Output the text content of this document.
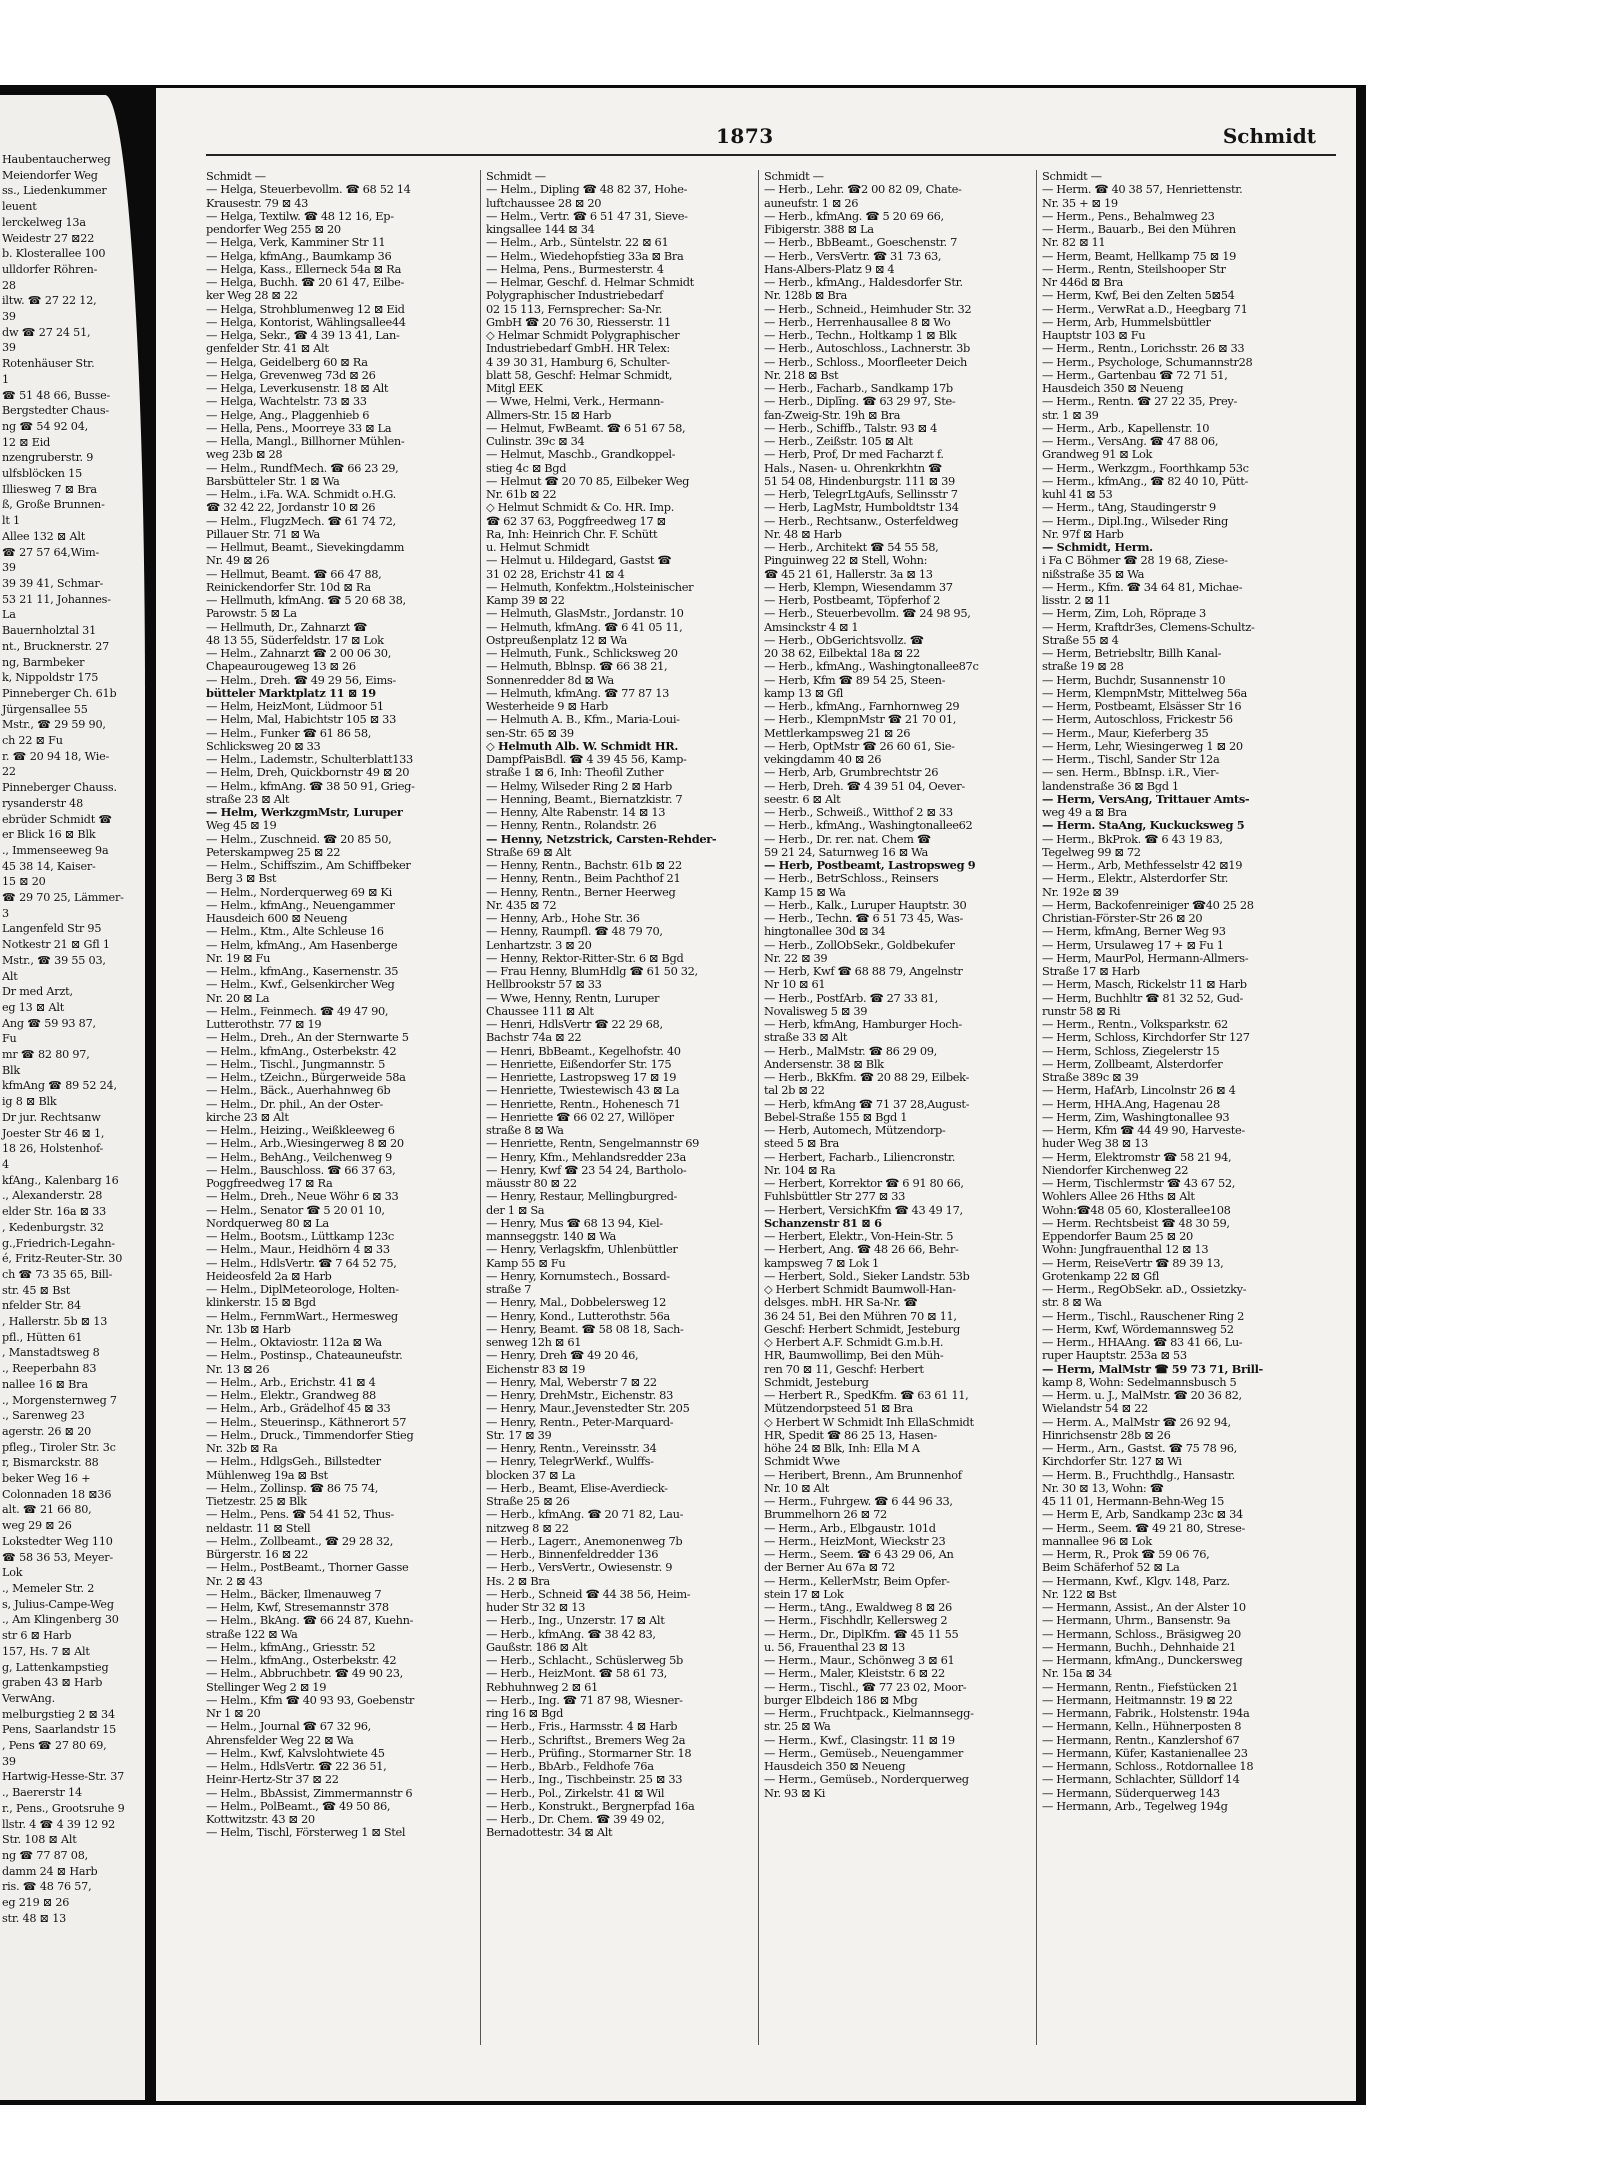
Haubentaucherweg
Meiendorfer Weg
ss., Liedenkummer
leuent
lerckelweg 13a
Weidestr 27 ⊠22
b. Klosterallee 100
ulldorfer Röhren-
28
iltw. ☎ 27 22 12,
39
dw ☎ 27 24 51,
39
Rotenhäuser Str.
1
☎ 51 48 66, Busse-
Bergstedter Chaus-
ng ☎ 54 92 04,
12 ⊠ Eid
nzengruberstr. 9
ulfsblöcken 15
Illiesweg 7 ⊠ Bra
ß, Große Brunnen-
lt 1
Allee 132 ⊠ Alt
☎ 27 57 64,Wim-
39
39 39 41, Schmar-
53 21 11, Johannes-
La
Bauernholztal 31
nt., Brucknerstr. 27
ng, Barmbeker
k, Nippoldstr 175
Pinneberger Ch. 61b
Jürgensallee 55
Mstr., ☎ 29 59 90,
ch 22 ⊠ Fu
r. ☎ 20 94 18, Wie-
22
Pinneberger Chauss.
rysanderstr 48
ebrüder Schmidt ☎
er Blick 16 ⊠ Blk
., Immenseeweg 9a
45 38 14, Kaiser-
15 ⊠ 20
☎ 29 70 25, Lämmer-
3
Langenfeld Str 95
Notkestr 21 ⊠ Gfl 1
Mstr., ☎ 39 55 03,
Alt
Dr med Arzt,
eg 13 ⊠ Alt
Ang ☎ 59 93 87,
Fu
mr ☎ 82 80 97,
Blk
kfmAng ☎ 89 52 24,
ig 8 ⊠ Blk
Dr jur. Rechtsanw
Joester Str 46 ⊠ 1,
18 26, Holstenhof-
4
kfAng., Kalenbarg 16
., Alexanderstr. 28
elder Str. 16a ⊠ 33
, Kedenburgstr. 32
g.,Friedrich-Legahn-
é, Fritz-Reuter-Str. 30
ch ☎ 73 35 65, Bill-
str. 45 ⊠ Bst
nfelder Str. 84
, Hallerstr. 5b ⊠ 13
pfl., Hütten 61
, Manstadtsweg 8
., Reeperbahn 83
nallee 16 ⊠ Bra
., Morgensternweg 7
., Sarenweg 23
agerstr. 26 ⊠ 20
pfleg., Tiroler Str. 3c
r, Bismarckstr. 88
beker Weg 16 +
Colonnaden 18 ⊠36
alt. ☎ 21 66 80,
weg 29 ⊠ 26
Lokstedter Weg 110
☎ 58 36 53, Meyer-
Lok
., Memeler Str. 2
s, Julius-Campe-Weg
., Am Klingenberg 30
str 6 ⊠ Harb
157, Hs. 7 ⊠ Alt
g, Lattenkampstieg
graben 43 ⊠ Harb
VerwAng.
melburgstieg 2 ⊠ 34
Pens, Saarlandstr 15
, Pens ☎ 27 80 69,
39
Hartwig-Hesse-Str. 37
., Baererstr 14
r., Pens., Grootsruhe 9
llstr. 4 ☎ 4 39 12 92
Str. 108 ⊠ Alt
ng ☎ 77 87 08,
damm 24 ⊠ Harb
ris. ☎ 48 76 57,
eg 219 ⊠ 26
str. 48 ⊠ 13
1873	Schmidt
Schmidt —
— Helga, Steuerbevollm. ☎ 68 52 14
Krausestr. 79 ⊠ 43
— Helga, Textilw. ☎ 48 12 16, Ep-
pendorfer Weg 255 ⊠ 20
— Helga, Verk, Kamminer Str 11
— Helga, kfmAng., Baumkamp 36
— Helga, Kass., Ellerneck 54a ⊠ Ra
— Helga, Buchh. ☎ 20 61 47, Eilbe-
ker Weg 28 ⊠ 22
— Helga, Strohblumenweg 12 ⊠ Eid
— Helga, Kontorist, Wählingsallee44
— Helga, Sekr., ☎ 4 39 13 41, Lan-
genfelder Str. 41 ⊠ Alt
— Helga, Geidelberg 60 ⊠ Ra
— Helga, Grevenweg 73d ⊠ 26
— Helga, Leverkusenstr. 18 ⊠ Alt
— Helga, Wachtelstr. 73 ⊠ 33
— Helge, Ang., Plaggenhieb 6
— Hella, Pens., Moorreye 33 ⊠ La
— Hella, Mangl., Billhorner Mühlen-
weg 23b ⊠ 28
— Helm., RundfMech. ☎ 66 23 29,
Barsbütteler Str. 1 ⊠ Wa
— Helm., i.Fa. W.A. Schmidt o.H.G.
☎ 32 42 22, Jordanstr 10 ⊠ 26
— Helm., FlugzMech. ☎ 61 74 72,
Pillauer Str. 71 ⊠ Wa
— Hellmut, Beamt., Sievekingdamm
Nr. 49 ⊠ 26
— Hellmut, Beamt. ☎ 66 47 88,
Reinickendorfer Str. 10d ⊠ Ra
— Hellmuth, kfmAng. ☎ 5 20 68 38,
Parowstr. 5 ⊠ La
— Hellmuth, Dr., Zahnarzt ☎
48 13 55, Süderfeldstr. 17 ⊠ Lok
— Helm., Zahnarzt ☎ 2 00 06 30,
Chapeaurougeweg 13 ⊠ 26
— Helm., Dreh. ☎ 49 29 56, Eims-
bütteler Marktplatz 11 ⊠ 19
— Helm, HeizMont, Lüdmoor 51
— Helm, Mal, Habichtstr 105 ⊠ 33
— Helm., Funker ☎ 61 86 58,
Schlicksweg 20 ⊠ 33
— Helm., Lademstr., Schulterblatt133
— Helm, Dreh, Quickbornstr 49 ⊠ 20
— Helm., kfmAng. ☎ 38 50 91, Grieg-
straße 23 ⊠ Alt
— Helm, WerkzgmMstr, Luruper
Weg 45 ⊠ 19
— Helm., Zuschneid. ☎ 20 85 50,
Peterskampweg 25 ⊠ 22
— Helm., Schiffszim., Am Schiffbeker
Berg 3 ⊠ Bst
— Helm., Norderquerweg 69 ⊠ Ki
— Helm., kfmAng., Neuengammer
Hausdeich 600 ⊠ Neueng
— Helm., Ktm., Alte Schleuse 16
— Helm, kfmAng., Am Hasenberge
Nr. 19 ⊠ Fu
— Helm., kfmAng., Kasernenstr. 35
— Helm., Kwf., Gelsenkircher Weg
Nr. 20 ⊠ La
— Helm., Feinmech. ☎ 49 47 90,
Lutterothstr. 77 ⊠ 19
— Helm., Dreh., An der Sternwarte 5
— Helm., kfmAng., Osterbekstr. 42
— Helm., Tischl., Jungmannstr. 5
— Helm., tZeichn., Bürgerweide 58a
— Helm., Bäck., Auerhahnweg 6b
— Helm., Dr. phil., An der Oster-
kirche 23 ⊠ Alt
— Helm., Heizing., Weißkleeweg 6
— Helm., Arb.,Wiesingerweg 8 ⊠ 20
— Helm., BehAng., Veilchenweg 9
— Helm., Bauschloss. ☎ 66 37 63,
Poggfreedweg 17 ⊠ Ra
— Helm., Dreh., Neue Wöhr 6 ⊠ 33
— Helm., Senator ☎ 5 20 01 10,
Nordquerweg 80 ⊠ La
— Helm., Bootsm., Lüttkamp 123c
— Helm., Maur., Heidhörn 4 ⊠ 33
— Helm., HdlsVertr. ☎ 7 64 52 75,
Heideosfeld 2a ⊠ Harb
— Helm., DiplMeteorologe, Holten-
klinkerstr. 15 ⊠ Bgd
— Helm., FernmWart., Hermesweg
Nr. 13b ⊠ Harb
— Helm., Oktaviostr. 112a ⊠ Wa
— Helm., Postinsp., Chateauneufstr.
Nr. 13 ⊠ 26
— Helm., Arb., Erichstr. 41 ⊠ 4
— Helm., Elektr., Grandweg 88
— Helm., Arb., Grädelhof 45 ⊠ 33
— Helm., Steuerinsp., Käthnerort 57
— Helm., Druck., Timmendorfer Stieg
Nr. 32b ⊠ Ra
— Helm., HdlgsGeh., Billstedter
Mühlenweg 19a ⊠ Bst
— Helm., Zollinsp. ☎ 86 75 74,
Tietzestr. 25 ⊠ Blk
— Helm., Pens. ☎ 54 41 52, Thus-
neldastr. 11 ⊠ Stell
— Helm., Zollbeamt., ☎ 29 28 32,
Bürgerstr. 16 ⊠ 22
— Helm., PostBeamt., Thorner Gasse
Nr. 2 ⊠ 43
— Helm., Bäcker, Ilmenauweg 7
— Helm, Kwf, Stresemannstr 378
— Helm., BkAng. ☎ 66 24 87, Kuehn-
straße 122 ⊠ Wa
— Helm., kfmAng., Griesstr. 52
— Helm., kfmAng., Osterbekstr. 42
— Helm., Abbruchbetr. ☎ 49 90 23,
Stellinger Weg 2 ⊠ 19
— Helm., Kfm ☎ 40 93 93, Goebenstr
Nr 1 ⊠ 20
— Helm., Journal ☎ 67 32 96,
Ahrensfelder Weg 22 ⊠ Wa
— Helm., Kwf, Kalvslohtwiete 45
— Helm., HdlsVertr. ☎ 22 36 51,
Heinr-Hertz-Str 37 ⊠ 22
— Helm., BbAssist, Zimmermannstr 6
— Helm., PolBeamt., ☎ 49 50 86,
Kottwitzstr. 43 ⊠ 20
— Helm, Tischl, Försterweg 1 ⊠ Stel
Schmidt —
— Helm., Dipling ☎ 48 82 37, Hohe-
luftchaussee 28 ⊠ 20
— Helm., Vertr. ☎ 6 51 47 31, Sieve-
kingsallee 144 ⊠ 34
— Helm., Arb., Süntelstr. 22 ⊠ 61
— Helm., Wiedehopfstieg 33a ⊠ Bra
— Helma, Pens., Burmesterstr. 4
— Helmar, Geschf. d. Helmar Schmidt
Polygraphischer Industriebedarf
02 15 113, Fernsprecher: Sa-Nr.
GmbH ☎ 20 76 30, Riesserstr. 11
◇ Helmar Schmidt Polygraphischer
Industriebedarf GmbH. HR Telex:
4 39 30 31, Hamburg 6, Schulter-
blatt 58, Geschf: Helmar Schmidt,
Mitgl EEK
— Wwe, Helmi, Verk., Hermann-
Allmers-Str. 15 ⊠ Harb
— Helmut, FwBeamt. ☎ 6 51 67 58,
Culinstr. 39c ⊠ 34
— Helmut, Maschb., Grandkoppel-
stieg 4c ⊠ Bgd
— Helmut ☎ 20 70 85, Eilbeker Weg
Nr. 61b ⊠ 22
◇ Helmut Schmidt & Co. HR. Imp.
☎ 62 37 63, Poggfreedweg 17 ⊠
Ra, Inh: Heinrich Chr. F. Schütt
u. Helmut Schmidt
— Helmut u. Hildegard, Gastst ☎
31 02 28, Erichstr 41 ⊠ 4
— Helmuth, Konfektm.,Holsteinischer
Kamp 39 ⊠ 22
— Helmuth, GlasMstr., Jordanstr. 10
— Helmuth, kfmAng. ☎ 6 41 05 11,
Ostpreußenplatz 12 ⊠ Wa
— Helmuth, Funk., Schlicksweg 20
— Helmuth, Bblnsp. ☎ 66 38 21,
Sonnenredder 8d ⊠ Wa
— Helmuth, kfmAng. ☎ 77 87 13
Westerheide 9 ⊠ Harb
— Helmuth A. B., Kfm., Maria-Loui-
sen-Str. 65 ⊠ 39
◇ Helmuth Alb. W. Schmidt HR.
DampfPaisBdl. ☎ 4 39 45 56, Kamp-
straße 1 ⊠ 6, Inh: Theofil Zuther
— Helmy, Wilseder Ring 2 ⊠ Harb
— Henning, Beamt., Biernatzkistr. 7
— Henny, Alte Rabenstr. 14 ⊠ 13
— Henny, Rentn., Rolandstr. 26
— Henny, Netzstrick, Carsten-Rehder-
Straße 69 ⊠ Alt
— Henny, Rentn., Bachstr. 61b ⊠ 22
— Henny, Rentn., Beim Pachthof 21
— Henny, Rentn., Berner Heerweg
Nr. 435 ⊠ 72
— Henny, Arb., Hohe Str. 36
— Henny, Raumpfl. ☎ 48 79 70,
Lenhartzstr. 3 ⊠ 20
— Henny, Rektor-Ritter-Str. 6 ⊠ Bgd
— Frau Henny, BlumHdlg ☎ 61 50 32,
Hellbrookstr 57 ⊠ 33
— Wwe, Henny, Rentn, Luruper
Chaussee 111 ⊠ Alt
— Henri, HdlsVertr ☎ 22 29 68,
Bachstr 74a ⊠ 22
— Henri, BbBeamt., Kegelhofstr. 40
— Henriette, Eißendorfer Str. 175
— Henriette, Lastropsweg 17 ⊠ 19
— Henriette, Twiestewisch 43 ⊠ La
— Henriette, Rentn., Hohenesch 71
— Henriette ☎ 66 02 27, Willöper
straße 8 ⊠ Wa
— Henriette, Rentn, Sengelmannstr 69
— Henry, Kfm., Mehlandsredder 23a
— Henry, Kwf ☎ 23 54 24, Bartholo-
mäusstr 80 ⊠ 22
— Henry, Restaur, Mellingburgred-
der 1 ⊠ Sa
— Henry, Mus ☎ 68 13 94, Kiel-
mannseggstr. 140 ⊠ Wa
— Henry, Verlagskfm, Uhlenbüttler
Kamp 55 ⊠ Fu
— Henry, Kornumstech., Bossard-
straße 7
— Henry, Mal., Dobbelersweg 12
— Henry, Kond., Lutterothstr. 56a
— Henry, Beamt. ☎ 58 08 18, Sach-
senweg 12h ⊠ 61
— Henry, Dreh ☎ 49 20 46,
Eichenstr 83 ⊠ 19
— Henry, Mal, Weberstr 7 ⊠ 22
— Henry, DrehMstr., Eichenstr. 83
— Henry, Maur.,Jevenstedter Str. 205
— Henry, Rentn., Peter-Marquard-
Str. 17 ⊠ 39
— Henry, Rentn., Vereinsstr. 34
— Henry, TelegrWerkf., Wulffs-
blocken 37 ⊠ La
— Herb., Beamt, Elise-Averdieck-
Straße 25 ⊠ 26
— Herb., kfmAng. ☎ 20 71 82, Lau-
nitzweg 8 ⊠ 22
— Herb., Lagerr., Anemonenweg 7b
— Herb., Binnenfeldredder 136
— Herb., VersVertr., Owiesenstr. 9
Hs. 2 ⊠ Bra
— Herb., Schneid ☎ 44 38 56, Heim-
huder Str 32 ⊠ 13
— Herb., Ing., Unzerstr. 17 ⊠ Alt
— Herb., kfmAng. ☎ 38 42 83,
Gaußstr. 186 ⊠ Alt
— Herb., Schlacht., Schüslerweg 5b
— Herb., HeizMont. ☎ 58 61 73,
Rebhuhnweg 2 ⊠ 61
— Herb., Ing. ☎ 71 87 98, Wiesner-
ring 16 ⊠ Bgd
— Herb., Fris., Harmsstr. 4 ⊠ Harb
— Herb., Schriftst., Bremers Weg 2a
— Herb., Prüfing., Stormarner Str. 18
— Herb., BbArb., Feldhofe 76a
— Herb., Ing., Tischbeinstr. 25 ⊠ 33
— Herb., Pol., Zirkelstr. 41 ⊠ Wil
— Herb., Konstrukt., Bergnerpfad 16a
— Herb., Dr. Chem. ☎ 39 49 02,
Bernadottestr. 34 ⊠ Alt
Schmidt —
— Herb., Lehr. ☎2 00 82 09, Chate-
auneufstr. 1 ⊠ 26
— Herb., kfmAng. ☎ 5 20 69 66,
Fibigerstr. 388 ⊠ La
— Herb., BbBeamt., Goeschenstr. 7
— Herb., VersVertr. ☎ 31 73 63,
Hans-Albers-Platz 9 ⊠ 4
— Herb., kfmAng., Haldesdorfer Str.
Nr. 128b ⊠ Bra
— Herb., Schneid., Heimhuder Str. 32
— Herb., Herrenhausallee 8 ⊠ Wo
— Herb., Techn., Holtkamp 1 ⊠ Blk
— Herb., Autoschloss., Lachnerstr. 3b
— Herb., Schloss., Moorfleeter Deich
Nr. 218 ⊠ Bst
— Herb., Facharb., Sandkamp 17b
— Herb., Diplīng. ☎ 63 29 97, Ste-
fan-Zweig-Str. 19h ⊠ Bra
— Herb., Schiffb., Talstr. 93 ⊠ 4
— Herb., Zeißstr. 105 ⊠ Alt
— Herb, Prof, Dr med Facharzt f.
Hals., Nasen- u. Ohrenkrkhtn ☎
51 54 08, Hindenburgstr. 111 ⊠ 39
— Herb, TelegrLtgAufs, Sellinsstr 7
— Herb, LagMstr, Humboldtstr 134
— Herb., Rechtsanw., Osterfeldweg
Nr. 48 ⊠ Harb
— Herb., Architekt ☎ 54 55 58,
Pinguinweg 22 ⊠ Stell, Wohn:
☎ 45 21 61, Hallerstr. 3a ⊠ 13
— Herb, Klempn, Wiesendamm 37
— Herb, Postbeamt, Töpferhof 2
— Herb., Steuerbevollm. ☎ 24 98 95,
Amsinckstr 4 ⊠ 1
— Herb., ObGerichtsvollz. ☎
20 38 62, Eilbektal 18a ⊠ 22
— Herb., kfmAng., Washingtonallee87c
— Herb, Kfm ☎ 89 54 25, Steen-
kamp 13 ⊠ Gfl
— Herb., kfmAng., Farnhornweg 29
— Herb., KlempnMstr ☎ 21 70 01,
Mettlerkampsweg 21 ⊠ 26
— Herb, OptMstr ☎ 26 60 61, Sie-
vekingdamm 40 ⊠ 26
— Herb, Arb, Grumbrechtstr 26
— Herb, Dreh. ☎ 4 39 51 04, Oever-
seestr. 6 ⊠ Alt
— Herb., Schweiß., Witthof 2 ⊠ 33
— Herb., kfmAng., Washingtonallee62
— Herb., Dr. rer. nat. Chem ☎
59 21 24, Saturnweg 16 ⊠ Wa
— Herb, Postbeamt, Lastropsweg 9
— Herb., BetrSchloss., Reinsers
Kamp 15 ⊠ Wa
— Herb., Kalk., Luruper Hauptstr. 30
— Herb., Techn. ☎ 6 51 73 45, Was-
hingtonallee 30d ⊠ 34
— Herb., ZollObSekr., Goldbekufer
Nr. 22 ⊠ 39
— Herb, Kwf ☎ 68 88 79, Angelnstr
Nr 10 ⊠ 61
— Herb., PostfArb. ☎ 27 33 81,
Novalisweg 5 ⊠ 39
— Herb, kfmAng, Hamburger Hoch-
straße 33 ⊠ Alt
— Herb., MalMstr. ☎ 86 29 09,
Andersenstr. 38 ⊠ Blk
— Herb., BkKfm. ☎ 20 88 29, Eilbek-
tal 2b ⊠ 22
— Herb, kfmAng ☎ 71 37 28,August-
Bebel-Straße 155 ⊠ Bgd 1
— Herb, Automech, Mützendorp-
steed 5 ⊠ Bra
— Herbert, Facharb., Liliencronstr.
Nr. 104 ⊠ Ra
— Herbert, Korrektor ☎ 6 91 80 66,
Fuhlsbüttler Str 277 ⊠ 33
— Herbert, VersichKfm ☎ 43 49 17,
Schanzenstr 81 ⊠ 6
— Herbert, Elektr., Von-Hein-Str. 5
— Herbert, Ang. ☎ 48 26 66, Behr-
kampsweg 7 ⊠ Lok 1
— Herbert, Sold., Sieker Landstr. 53b
◇ Herbert Schmidt Baumwoll-Han-
delsges. mbH. HR Sa-Nr. ☎
36 24 51, Bei den Mühren 70 ⊠ 11,
Geschf: Herbert Schmidt, Jesteburg
◇ Herbert A.F. Schmidt G.m.b.H.
HR, Baumwollimp, Bei den Müh-
ren 70 ⊠ 11, Geschf: Herbert
Schmidt, Jesteburg
— Herbert R., SpedKfm. ☎ 63 61 11,
Mützendorpsteed 51 ⊠ Bra
◇ Herbert W Schmidt Inh EllaSchmidt
HR, Spedit ☎ 86 25 13, Hasen-
höhe 24 ⊠ Blk, Inh: Ella M A
Schmidt Wwe
— Heribert, Brenn., Am Brunnenhof
Nr. 10 ⊠ Alt
— Herm., Fuhrgew. ☎ 6 44 96 33,
Brummelhorn 26 ⊠ 72
— Herm., Arb., Elbgaustr. 101d
— Herm., HeizMont, Wieckstr 23
— Herm., Seem. ☎ 6 43 29 06, An
der Berner Au 67a ⊠ 72
— Herm., KellerMstr, Beim Opfer-
stein 17 ⊠ Lok
— Herm., tAng., Ewaldweg 8 ⊠ 26
— Herm., Fischhdlr, Kellersweg 2
— Herm., Dr., DiplKfm. ☎ 45 11 55
u. 56, Frauenthal 23 ⊠ 13
— Herm., Maur., Schönweg 3 ⊠ 61
— Herm., Maler, Kleiststr. 6 ⊠ 22
— Herm., Tischl., ☎ 77 23 02, Moor-
burger Elbdeich 186 ⊠ Mbg
— Herm., Fruchtpack., Kielmannsegg-
str. 25 ⊠ Wa
— Herm., Kwf., Clasingstr. 11 ⊠ 19
— Herm., Gemüseb., Neuengammer
Hausdeich 350 ⊠ Neueng
— Herm., Gemüseb., Norderquerweg
Nr. 93 ⊠ Ki
Schmidt —
— Herm. ☎ 40 38 57, Henriettenstr.
Nr. 35 + ⊠ 19
— Herm., Pens., Behalmweg 23
— Herm., Bauarb., Bei den Mühren
Nr. 82 ⊠ 11
— Herm, Beamt, Hellkamp 75 ⊠ 19
— Herm., Rentn, Steilshooper Str
Nr 446d ⊠ Bra
— Herm, Kwf, Bei den Zelten 5⊠54
— Herm., VerwRat a.D., Heegbarg 71
— Herm, Arb, Hummelsbüttler
Hauptstr 103 ⊠ Fu
— Herm., Rentn., Lorichsstr. 26 ⊠ 33
— Herm., Psychologe, Schumannstr28
— Herm., Gartenbau ☎ 72 71 51,
Hausdeich 350 ⊠ Neueng
— Herm., Rentn. ☎ 27 22 35, Prey-
str. 1 ⊠ 39
— Herm., Arb., Kapellenstr. 10
— Herm., VersAng. ☎ 47 88 06,
Grandweg 91 ⊠ Lok
— Herm., Werkzgm., Foorthkamp 53c
— Herm., kfmAng., ☎ 82 40 10, Pütt-
kuhl 41 ⊠ 53
— Herm., tAng, Staudingerstr 9
— Herm., Dipl.Ing., Wilseder Ring
Nr. 97f ⊠ Harb
— Schmidt, Herm.
i Fa C Böhmer ☎ 28 19 68, Ziese-
nißstraße 35 ⊠ Wa
— Herm., Kfm. ☎ 34 64 81, Michae-
lisstr. 2 ⊠ 11
— Herm, Zim, Loh, Röpraде 3
— Herm, Kraftdr3es, Clemens-Schultz-
Straße 55 ⊠ 4
— Herm, Betriebsltr, Billh Kanal-
straße 19 ⊠ 28
— Herm, Buchdr, Susannenstr 10
— Herm, KlempnMstr, Mittelweg 56a
— Herm, Postbeamt, Elsässer Str 16
— Herm, Autoschloss, Frickestr 56
— Herm., Maur, Kieferberg 35
— Herm, Lehr, Wiesingerweg 1 ⊠ 20
— Herm., Tischl, Sander Str 12a
— sen. Herm., BbInsp. i.R., Vier-
landenstraße 36 ⊠ Bgd 1
— Herm, VersAng, Trittauer Amts-
weg 49 a ⊠ Bra
— Herm. StaAng, Kuckucksweg 5
— Herm., BkProk. ☎ 6 43 19 83,
Tegelweg 99 ⊠ 72
— Herm., Arb, Methfesselstr 42 ⊠19
— Herm., Elektr., Alsterdorfer Str.
Nr. 192e ⊠ 39
— Herm, Backofenreiniger ☎40 25 28
Christian-Förster-Str 26 ⊠ 20
— Herm, kfmAng, Berner Weg 93
— Herm, Ursulaweg 17 + ⊠ Fu 1
— Herm, MaurPol, Hermann-Allmers-
Straße 17 ⊠ Harb
— Herm, Masch, Rickelstr 11 ⊠ Harb
— Herm, Buchhltr ☎ 81 32 52, Gud-
runstr 58 ⊠ Ri
— Herm., Rentn., Volksparkstr. 62
— Herm, Schloss, Kirchdorfer Str 127
— Herm, Schloss, Ziegelerstr 15
— Herm, Zollbeamt, Alsterdorfer
Straße 389c ⊠ 39
— Herm, HafArb, Lincolnstr 26 ⊠ 4
— Herm, HHA.Ang, Hagenau 28
— Herm, Zim, Washingtonallee 93
— Herm, Kfm ☎ 44 49 90, Harveste-
huder Weg 38 ⊠ 13
— Herm, Elektromstr ☎ 58 21 94,
Niendorfer Kirchenweg 22
— Herm, Tischlermstr ☎ 43 67 52,
Wohlers Allee 26 Hths ⊠ Alt
Wohn:☎48 05 60, Klosterallee108
— Herm. Rechtsbeist ☎ 48 30 59,
Eppendorfer Baum 25 ⊠ 20
Wohn: Jungfrauenthal 12 ⊠ 13
— Herm, ReiseVertr ☎ 89 39 13,
Grotenkamp 22 ⊠ Gfl
— Herm., RegObSekr. aD., Ossietzky-
str. 8 ⊠ Wa
— Herm., Tischl., Rauschener Ring 2
— Herm, Kwf, Wördemannsweg 52
— Herm., HHAAng. ☎ 83 41 66, Lu-
ruper Hauptstr. 253a ⊠ 53
— Herm, MalMstr ☎ 59 73 71, Brill-
kamp 8, Wohn: Sedelmannsbusch 5
— Herm. u. J., MalMstr. ☎ 20 36 82,
Wielandstr 54 ⊠ 22
— Herm. A., MalMstr ☎ 26 92 94,
Hinrichsenstr 28b ⊠ 26
— Herm., Arn., Gastst. ☎ 75 78 96,
Kirchdorfer Str. 127 ⊠ Wi
— Herm. B., Fruchthdlg., Hansastr.
Nr. 30 ⊠ 13, Wohn: ☎
45 11 01, Hermann-Behn-Weg 15
— Herm E, Arb, Sandkamp 23c ⊠ 34
— Herm., Seem. ☎ 49 21 80, Strese-
mannallee 96 ⊠ Lok
— Herm, R., Prok ☎ 59 06 76,
Beim Schäferhof 52 ⊠ La
— Hermann, Kwf., Klgv. 148, Parz.
Nr. 122 ⊠ Bst
— Hermann, Assist., An der Alster 10
— Hermann, Uhrm., Bansenstr. 9a
— Hermann, Schloss., Bräsigweg 20
— Hermann, Buchh., Dehnhaide 21
— Hermann, kfmAng., Dunckersweg
Nr. 15a ⊠ 34
— Hermann, Rentn., Fiefstücken 21
— Hermann, Heitmannstr. 19 ⊠ 22
— Hermann, Fabrik., Holstenstr. 194a
— Hermann, Kelln., Hühnerposten 8
— Hermann, Rentn., Kanzlershof 67
— Hermann, Küfer, Kastanienallee 23
— Hermann, Schloss., Rotdornallee 18
— Hermann, Schlachter, Sülldorf 14
— Hermann, Süderquerweg 143
— Hermann, Arb., Tegelweg 194g
